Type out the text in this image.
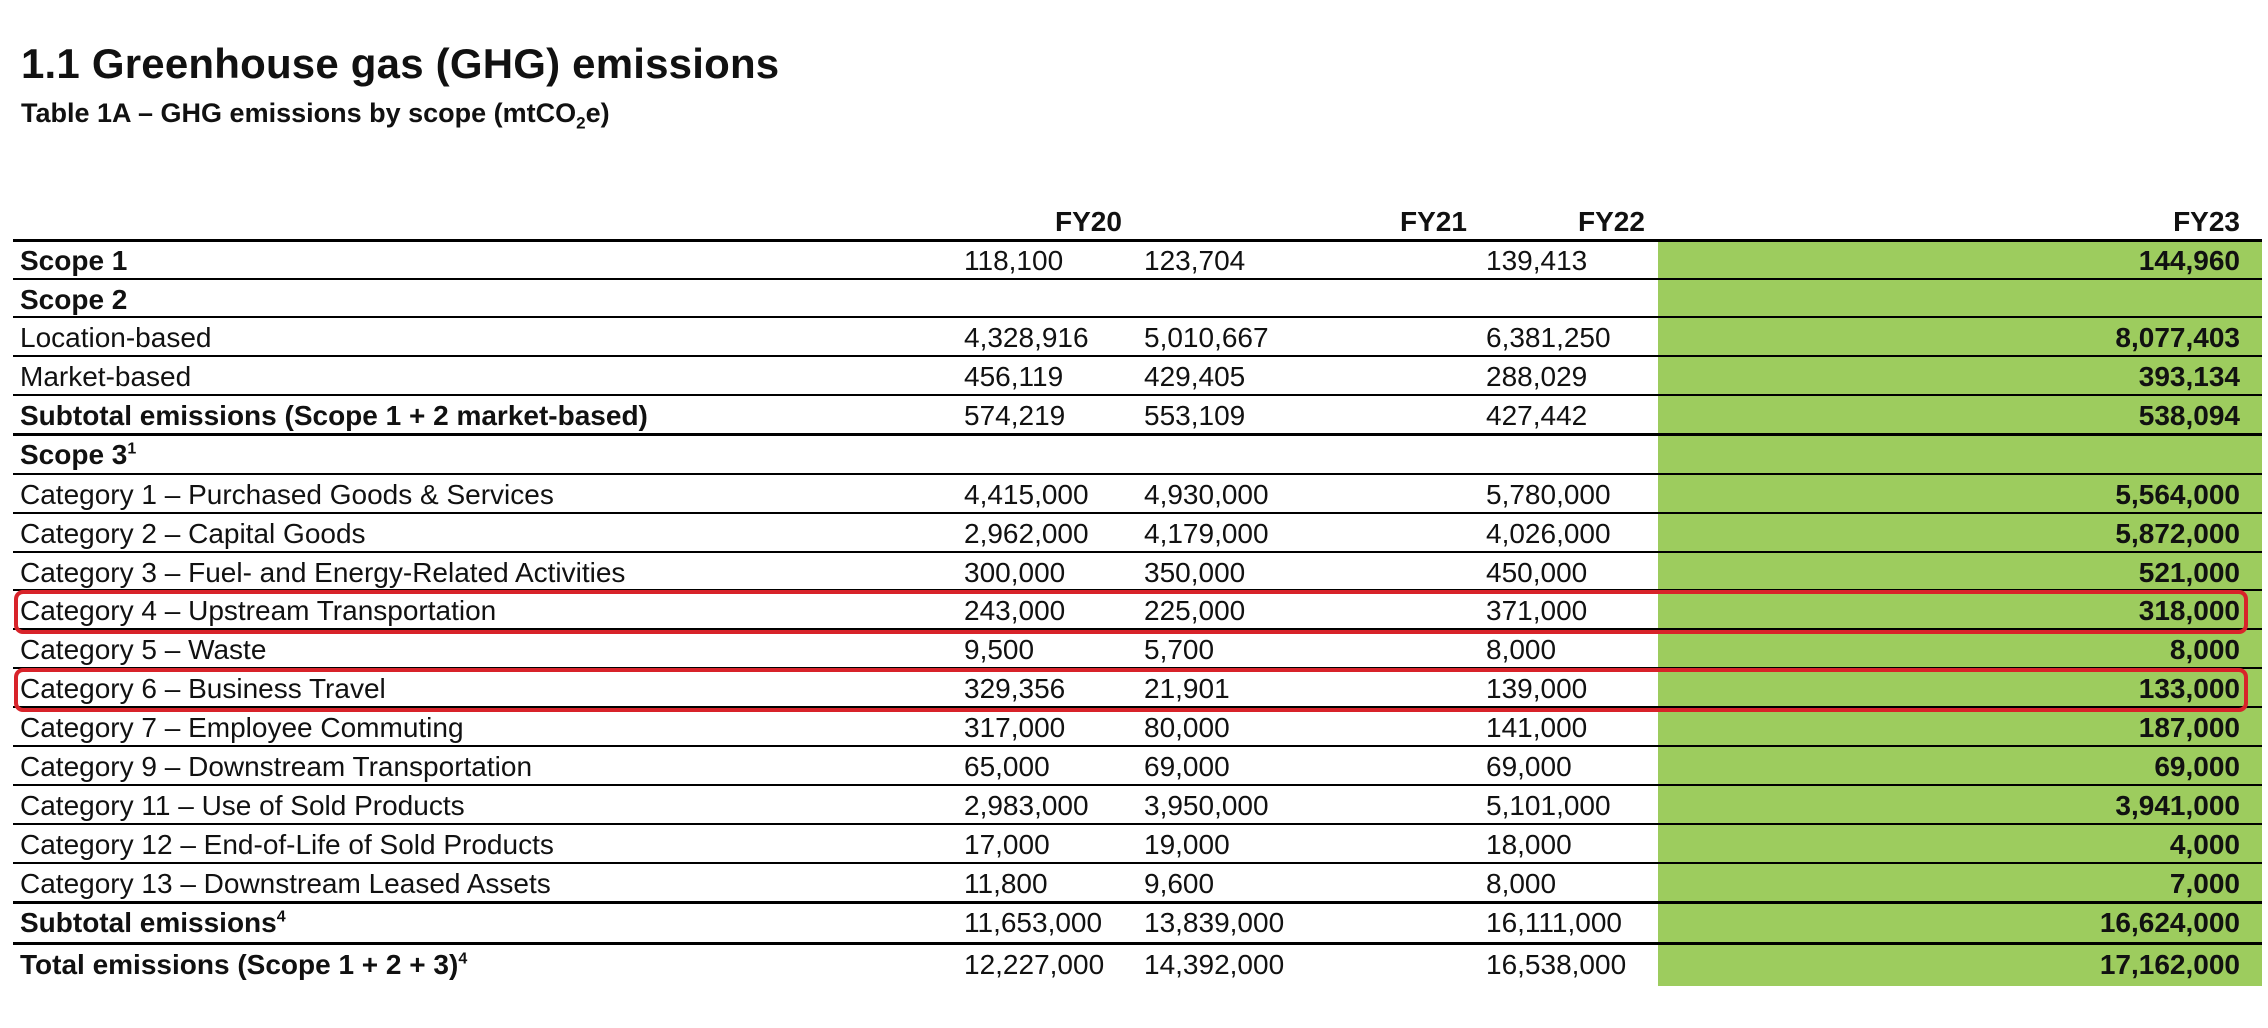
1.1 Greenhouse gas (GHG) emissions
Table 1A – GHG emissions by scope (mtCO$_2$e)
FY20	FY21	FY22	FY23
Scope 1	118,100	123,704	139,413	144,960
Scope 2
Location-based	4,328,916 5,010,667	6,381,250	8,077,403
Market-based	456,119	429,405	288,029	393,134
Subtotal emissions (Scope 1 + 2 market-based)	574,219	553,109	427,442	538,094
Scope $3^1$
Category 1 – Purchased Goods & Services	4,415,000 4,930,000	5,780,000	5,564,000
Category 2 – Capital Goods	2,962,000 4,179,000	4,026,000	5,872,000
Category 3 – Fuel- and Energy-Related Activities	300,000	350,000	450,000	521,000
Category 4 – Upstream Transportation	243,000	225,000	371,000	318,000
Category 5 – Waste	9,500	5,700	8,000	8,000
Category 6 – Business Travel	329,356	21,901	139,000	133,000
Category 7 – Employee Commuting	317,000	80,000	141,000	187,000
Category 9 – Downstream Transportation	65,000	69,000	69,000	69,000
Category 11 – Use of Sold Products	2,983,000 3,950,000	5,101,000	3,941,000
Category 12 – End-of-Life of Sold Products	17,000	19,000	18,000	4,000
Category 13 – Downstream Leased Assets	11,800	9,600	8,000	7,000
Subtotal emissions$^4$	11,653,000 13,839,000	16,111,000	16,624,000
Total emissions (Scope 1 + 2 + 3)$^4$	12,227,000 14,392,000	16,538,000	17,162,000
